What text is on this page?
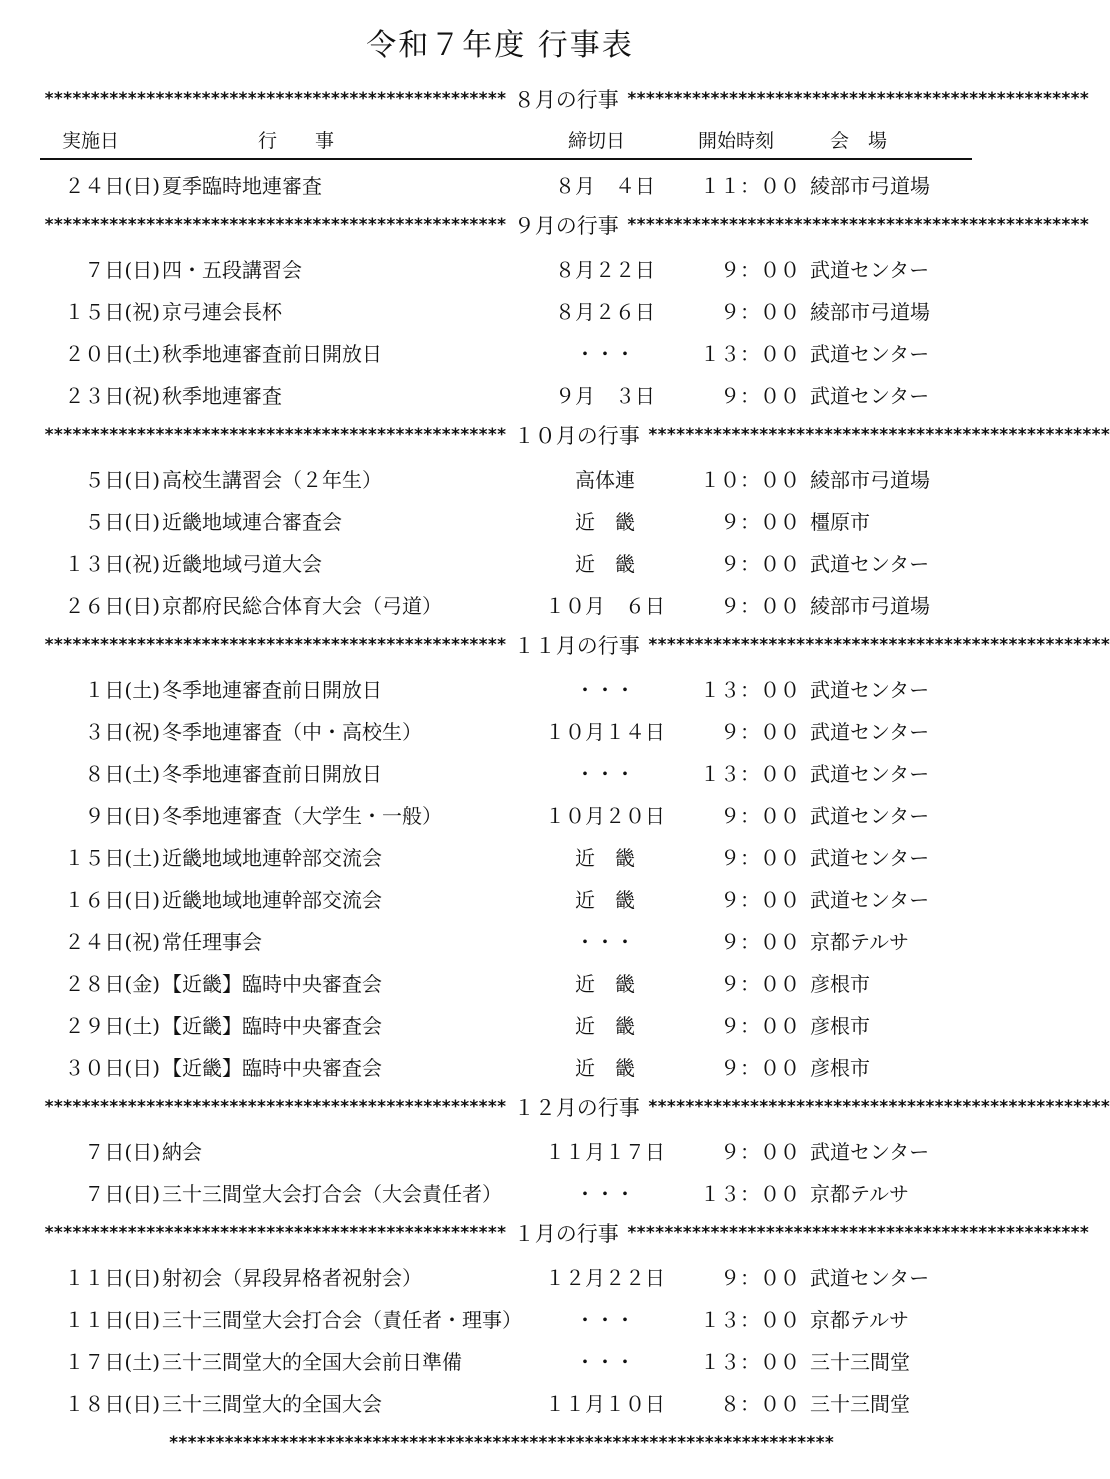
令和７年度 行事表
実施日	行　　事	締切日	開始時刻	会　場
************************************************** ８月の行事 **************************************************
２４日(日) 夏季臨時地連審査	８月　４日	１１：００ 綾部市弓道場
************************************************** ９月の行事 **************************************************
７日(日) 四・五段講習会	８月２２日	９：００ 武道センター
１５日(祝) 京弓連会長杯	８月２６日	９：００ 綾部市弓道場
２０日(土) 秋季地連審査前日開放日	・・・	１３：００ 武道センター
２３日(祝) 秋季地連審査	９月　３日	９：００ 武道センター
************************************************** １０月の行事 **************************************************
５日(日) 高校生講習会（２年生）	高体連	１０：００ 綾部市弓道場
５日(日) 近畿地域連合審査会	近　畿	９：００ 橿原市
１３日(祝) 近畿地域弓道大会	近　畿	９：００ 武道センター
２６日(日) 京都府民総合体育大会（弓道）	１０月　６日	９：００ 綾部市弓道場
************************************************** １１月の行事 **************************************************
１日(土) 冬季地連審査前日開放日	・・・	１３：００ 武道センター
３日(祝) 冬季地連審査（中・高校生）	１０月１４日	９：００ 武道センター
８日(土) 冬季地連審査前日開放日	・・・	１３：００ 武道センター
９日(日) 冬季地連審査（大学生・一般）	１０月２０日	９：００ 武道センター
１５日(土) 近畿地域地連幹部交流会	近　畿	９：００ 武道センター
１６日(日) 近畿地域地連幹部交流会	近　畿	９：００ 武道センター
２４日(祝) 常任理事会	・・・	９：００ 京都テルサ
２８日(金) 【近畿】臨時中央審査会	近　畿	９：００ 彦根市
２９日(土) 【近畿】臨時中央審査会	近　畿	９：００ 彦根市
３０日(日) 【近畿】臨時中央審査会	近　畿	９：００ 彦根市
************************************************** １２月の行事 **************************************************
７日(日) 納会	１１月１７日	９：００ 武道センター
７日(日) 三十三間堂大会打合会（大会責任者）	・・・	１３：００ 京都テルサ
************************************************** １月の行事 **************************************************
１１日(日) 射初会（昇段昇格者祝射会）	１２月２２日	９：００ 武道センター
１１日(日) 三十三間堂大会打合会（責任者・理事）	・・・	１３：００ 京都テルサ
１７日(土) 三十三間堂大的全国大会前日準備	・・・	１３：００ 三十三間堂
１８日(日) 三十三間堂大的全国大会	１１月１０日	８：００ 三十三間堂
************************************************************************
